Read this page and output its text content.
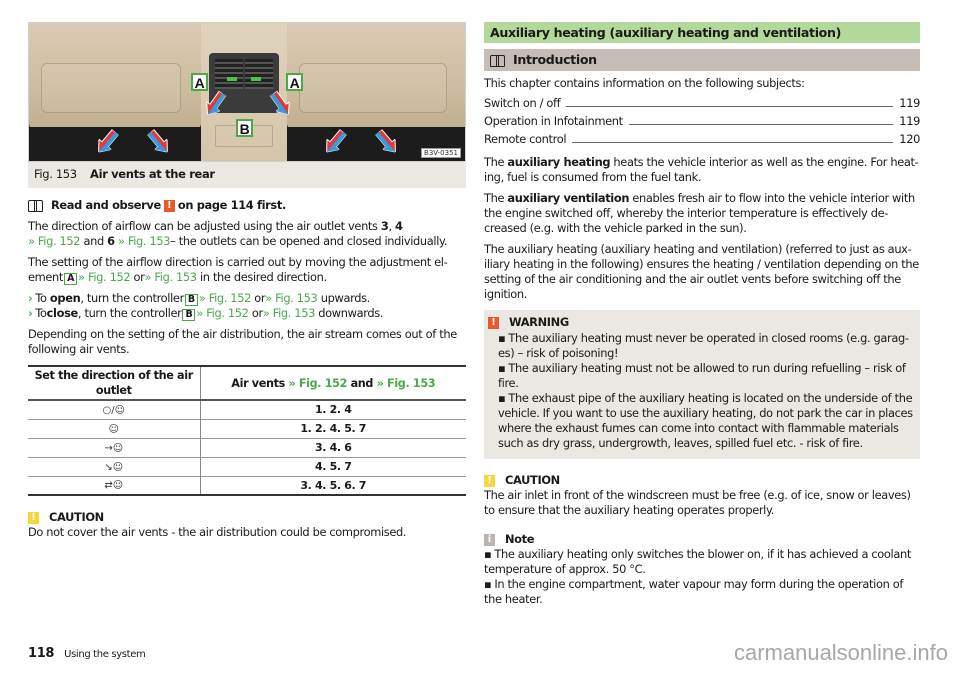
A	A
B
B3V-0351
Fig. 153 Air vents at the rear
Read and observe ! on page 114 first.

The direction of airflow can be adjusted using the air outlet vents 3, 4
» Fig. 152 and 6 » Fig. 153– the outlets can be opened and closed individually.

The setting of the airflow direction is carried out by moving the adjustment el-ement A » Fig. 152 or» Fig. 153 in the desired direction.

› To open, turn the controller B » Fig. 152 or» Fig. 153 upwards.
› Toclose, turn the controller B » Fig. 152 or» Fig. 153 downwards.

Depending on the setting of the air distribution, the air stream comes out of the following air vents.

Set the direction of the air outlet	Air vents » Fig. 152 and » Fig. 153
○/☺	1. 2. 4
☺	1. 2. 4. 5. 7
→☺	3. 4. 6
↘☺	4. 5. 7
⇄☺	3. 4. 5. 6. 7
! CAUTION
Do not cover the air vents - the air distribution could be compromised.
Auxiliary heating (auxiliary heating and ventilation)
Introduction

This chapter contains information on the following subjects:

Switch on / off	119
Operation in Infotainment	119
Remote control	120

The auxiliary heating heats the vehicle interior as well as the engine. For heat-ing, fuel is consumed from the fuel tank.

The auxiliary ventilation enables fresh air to flow into the vehicle interior with the engine switched off, whereby the interior temperature is effectively de-creased (e.g. with the vehicle parked in the sun).

The auxiliary heating (auxiliary heating and ventilation) (referred to just as aux-iliary heating in the following) ensures the heating / ventilation depending on the setting of the air conditioning and the air outlet vents before switching off the ignition.

! WARNING
▪ The auxiliary heating must never be operated in closed rooms (e.g. garag-es) – risk of poisoning!
▪ The auxiliary heating must not be allowed to run during refuelling – risk of fire.
▪ The exhaust pipe of the auxiliary heating is located on the underside of the vehicle. If you want to use the auxiliary heating, do not park the car in places where the exhaust fumes can come into contact with flammable materials such as dry grass, undergrowth, leaves, spilled fuel etc. - risk of fire.
! CAUTION
The air inlet in front of the windscreen must be free (e.g. of ice, snow or leaves) to ensure that the auxiliary heating operates properly.
i	Note
▪ The auxiliary heating only switches the blower on, if it has achieved a coolant temperature of approx. 50 °C.
▪ In the engine compartment, water vapour may form during the operation of the heater.
118 Using the system	carmanualsonline.info
